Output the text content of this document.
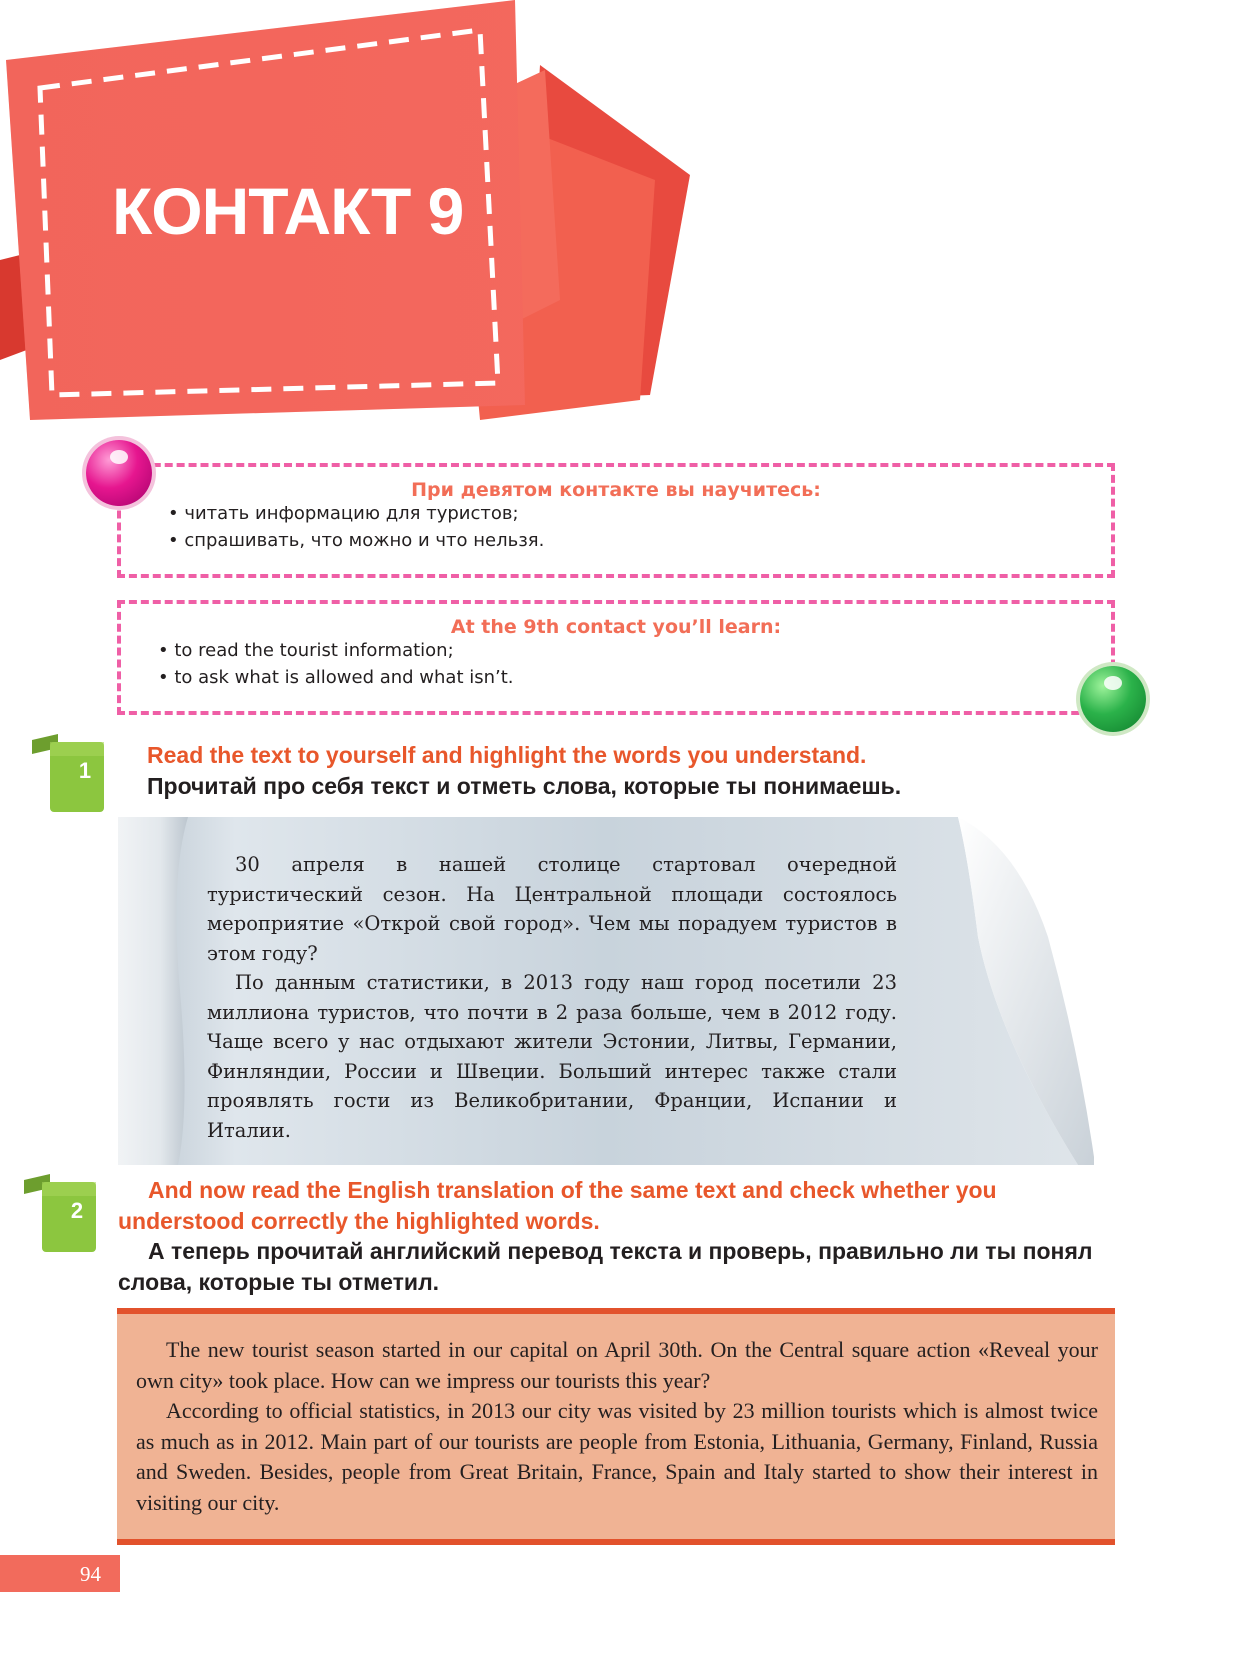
КОНТАКТ 9
При девятом контакте вы научитесь:
• читать информацию для туристов;
• спрашивать, что можно и что нельзя.
At the 9th contact you’ll learn:
• to read the tourist information;
• to ask what is allowed and what isn’t.
1
Read the text to yourself and highlight the words you understand.
Прочитай про себя текст и отметь слова, которые ты понимаешь.

30 апреля в нашей столице стартовал очередной туристический сезон. На Центральной площади состоялось мероприятие «Открой свой город». Чем мы порадуем туристов в этом году?

По данным статистики, в 2013 году наш город посетили 23 миллиона туристов, что почти в 2 раза больше, чем в 2012 году. Чаще всего у нас отдыхают жители Эстонии, Литвы, Германии, Финляндии, России и Швеции. Больший интерес также стали проявлять гости из Великобритании, Франции, Испании и Италии.

2
And now read the English translation of the same text and check whether you understood correctly the highlighted words.
А теперь прочитай английский перевод текста и проверь, правильно ли ты понял слова, которые ты отметил.

The new tourist season started in our capital on April 30th. On the Central square action «Reveal your own city» took place. How can we impress our tourists this year?

According to official statistics, in 2013 our city was visited by 23 million tourists which is almost twice as much as in 2012. Main part of our tourists are people from Estonia, Lithuania, Germany, Finland, Russia and Sweden. Besides, people from Great Britain, France, Spain and Italy started to show their interest in visiting our city.

94
